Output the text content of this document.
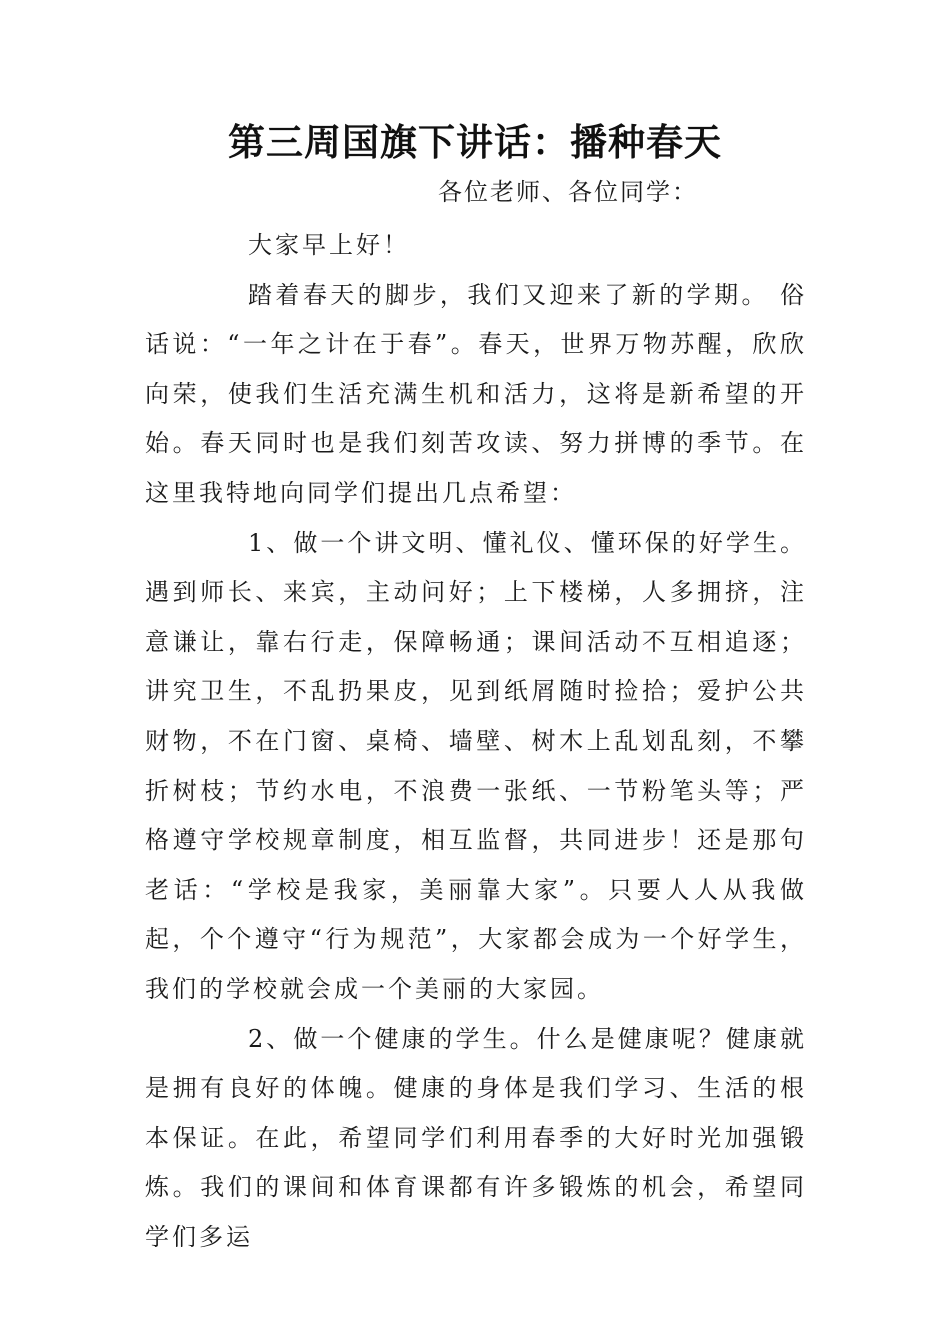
第三周国旗下讲话：播种春天

各位老师、各位同学：

大家早上好！

踏着春天的脚步，我们又迎来了新的学期。 俗话说：“一年之计在于春”。春天，世界万物苏醒，欣欣向荣，使我们生活充满生机和活力，这将是新希望的开始。春天同时也是我们刻苦攻读、努力拼博的季节。在这里我特地向同学们提出几点希望：

1、做一个讲文明、懂礼仪、懂环保的好学生。遇到师长、来宾，主动问好；上下楼梯，人多拥挤，注意谦让，靠右行走，保障畅通；课间活动不互相追逐；讲究卫生，不乱扔果皮，见到纸屑随时捡拾；爱护公共财物，不在门窗、桌椅、墙壁、树木上乱划乱刻，不攀折树枝；节约水电，不浪费一张纸、一节粉笔头等；严格遵守学校规章制度，相互监督，共同进步！还是那句老话：“学校是我家，美丽靠大家”。只要人人从我做起，个个遵守“行为规范”，大家都会成为一个好学生，我们的学校就会成一个美丽的大家园。

2、做一个健康的学生。什么是健康呢？健康就是拥有良好的体魄。健康的身体是我们学习、生活的根本保证。在此，希望同学们利用春季的大好时光加强锻炼。我们的课间和体育课都有许多锻炼的机会，希望同学们多运
